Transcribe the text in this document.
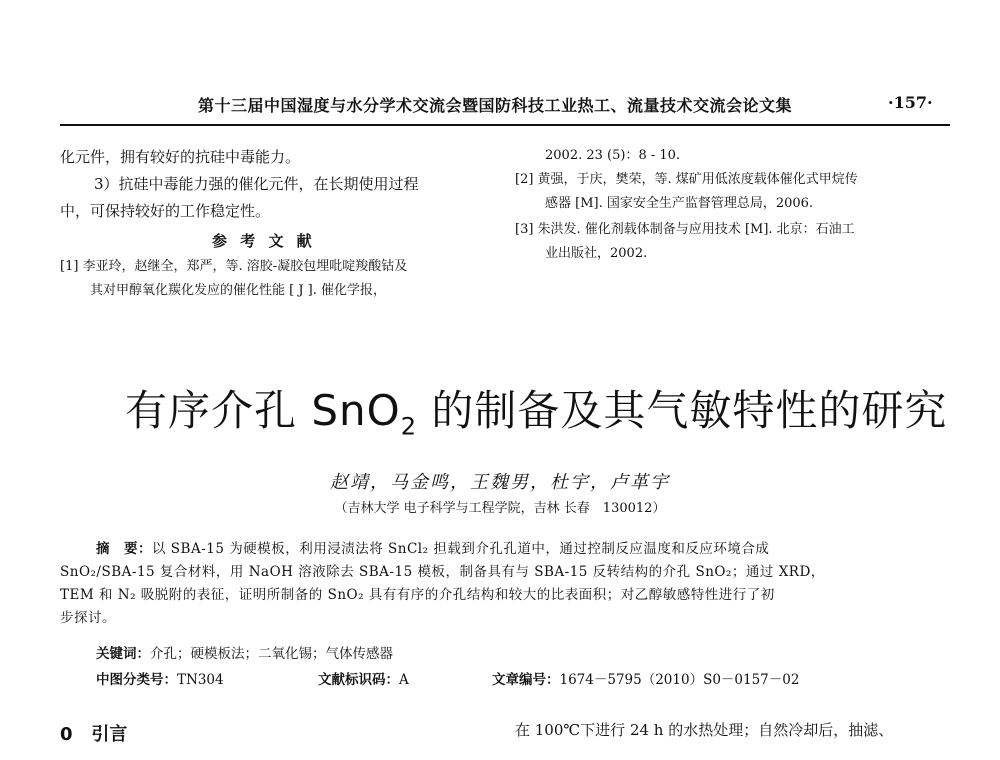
第十三届中国湿度与水分学术交流会暨国防科技工业热工、流量技术交流会论文集	·157·
化元件，拥有较好的抗硅中毒能力。
3）抗硅中毒能力强的催化元件，在长期使用过程
中，可保持较好的工作稳定性。
参 考 文 献
[1] 李亚玲，赵继全，郑严，等. 溶胶-凝胶包埋吡啶羧酸钴及
其对甲醇氧化羰化发应的催化性能 [ J ]. 催化学报，
2002. 23 (5)：8 - 10.
[2] 黄强，于庆，樊荣，等. 煤矿用低浓度载体催化式甲烷传
感器 [M]. 国家安全生产监督管理总局，2006.
[3] 朱洪发. 催化剂载体制备与应用技术 [M]. 北京：石油工
业出版社，2002.
有序介孔 SnO$_2$ 的制备及其气敏特性的研究
赵靖，马金鸣，王魏男，杜宇，卢革宇
（吉林大学 电子科学与工程学院，吉林 长春　130012）
摘　要：以 SBA-15 为硬模板，利用浸渍法将 SnCl₂ 担载到介孔孔道中，通过控制反应温度和反应环境合成
SnO₂/SBA-15 复合材料，用 NaOH 溶液除去 SBA-15 模板，制备具有与 SBA-15 反转结构的介孔 SnO₂；通过 XRD，
TEM 和 N₂ 吸脱附的表征，证明所制备的 SnO₂ 具有有序的介孔结构和较大的比表面积；对乙醇敏感特性进行了初
步探讨。
关键词：介孔；硬模板法；二氧化锡；气体传感器
中图分类号：TN304	文献标识码：A	文章编号：1674－5795（2010）S0－0157－02
0 引言	在 100℃下进行 24 h 的水热处理；自然冷却后，抽滤、
